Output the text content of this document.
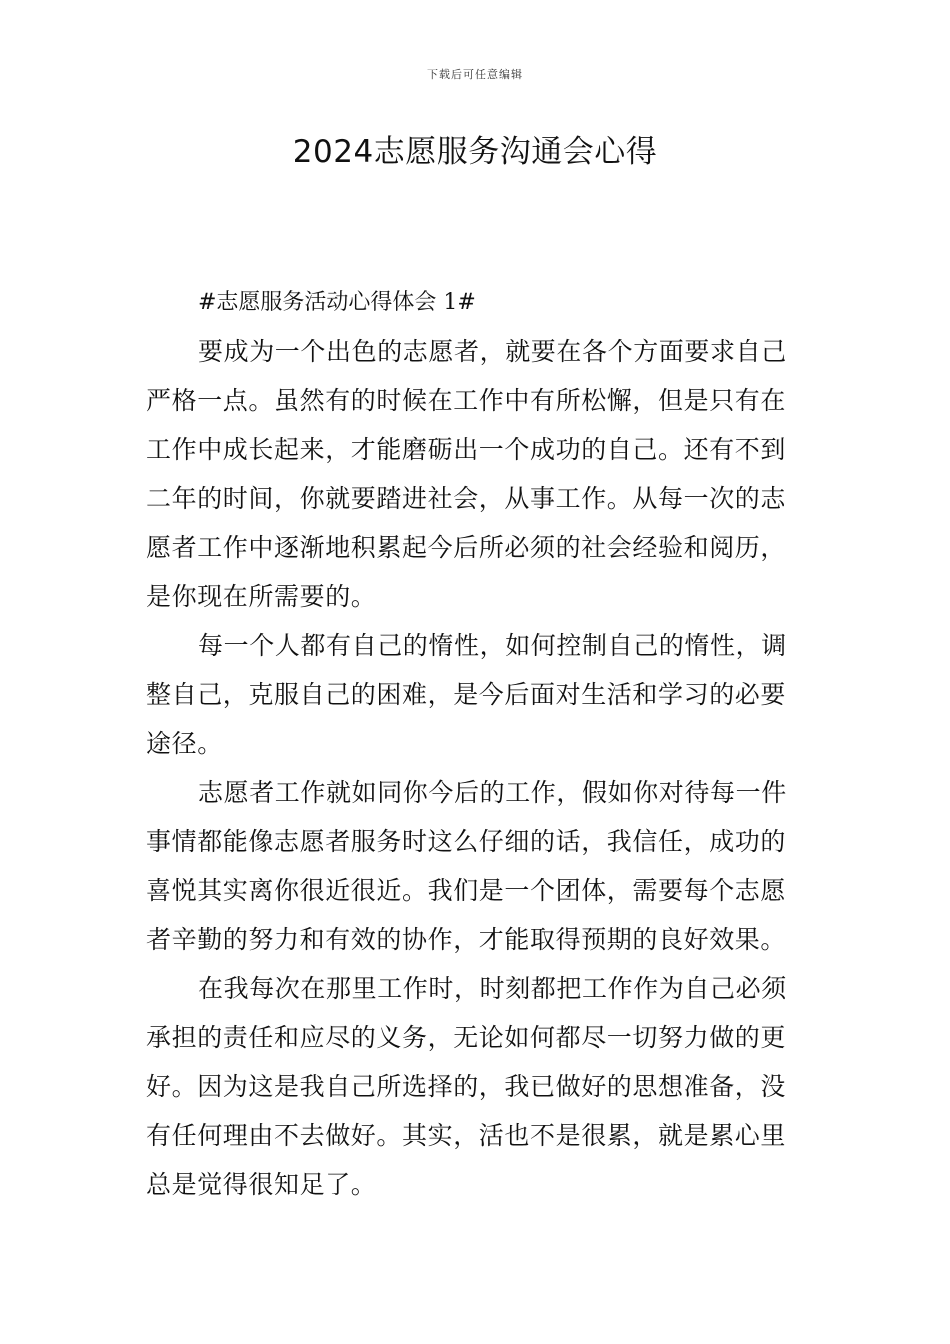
下载后可任意编辑
2024志愿服务沟通会心得
#志愿服务活动心得体会 1#
要成为一个出色的志愿者，就要在各个方面要求自己
严格一点。虽然有的时候在工作中有所松懈，但是只有在
工作中成长起来，才能磨砺出一个成功的自己。还有不到
二年的时间，你就要踏进社会，从事工作。从每一次的志
愿者工作中逐渐地积累起今后所必须的社会经验和阅历，
是你现在所需要的。
每一个人都有自己的惰性，如何控制自己的惰性，调
整自己，克服自己的困难，是今后面对生活和学习的必要
途径。
志愿者工作就如同你今后的工作，假如你对待每一件
事情都能像志愿者服务时这么仔细的话，我信任，成功的
喜悦其实离你很近很近。我们是一个团体，需要每个志愿
者辛勤的努力和有效的协作，才能取得预期的良好效果。
在我每次在那里工作时，时刻都把工作作为自己必须
承担的责任和应尽的义务，无论如何都尽一切努力做的更
好。因为这是我自己所选择的，我已做好的思想准备，没
有任何理由不去做好。其实，活也不是很累，就是累心里
总是觉得很知足了。
